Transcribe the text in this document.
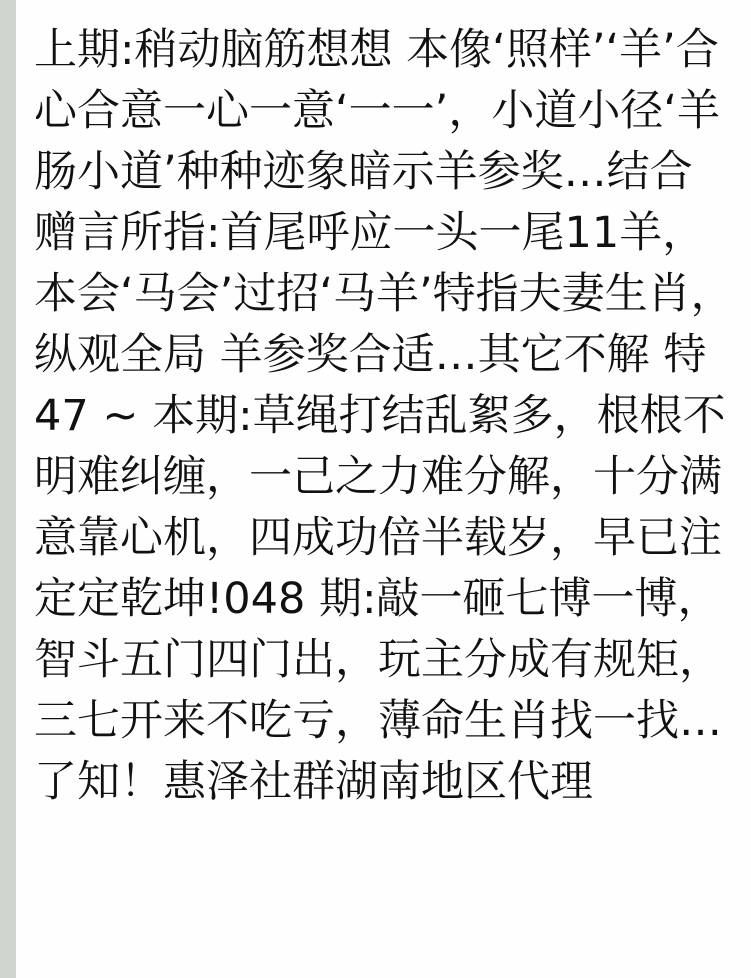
上期:稍动脑筋想想 本像‘照样’‘羊’合心合意一心一意‘一一’，小道小径‘羊肠小道’种种迹象暗示羊参奖…结合赠言所指:首尾呼应一头一尾11羊， 本会‘马会’过招‘马羊’特指夫妻生肖，纵观全局 羊参奖合适…其它不解 特 47 ~ 本期:草绳打结乱絮多，根根不明难纠缠，一己之力难分解，十分满意靠心机，四成功倍半载岁，早已注定定乾坤!048 期:敲一砸七博一博，智斗五门四门出，玩主分成有规矩，三七开来不吃亏，薄命生肖找一找…了知！惠泽社群湖南地区代理
